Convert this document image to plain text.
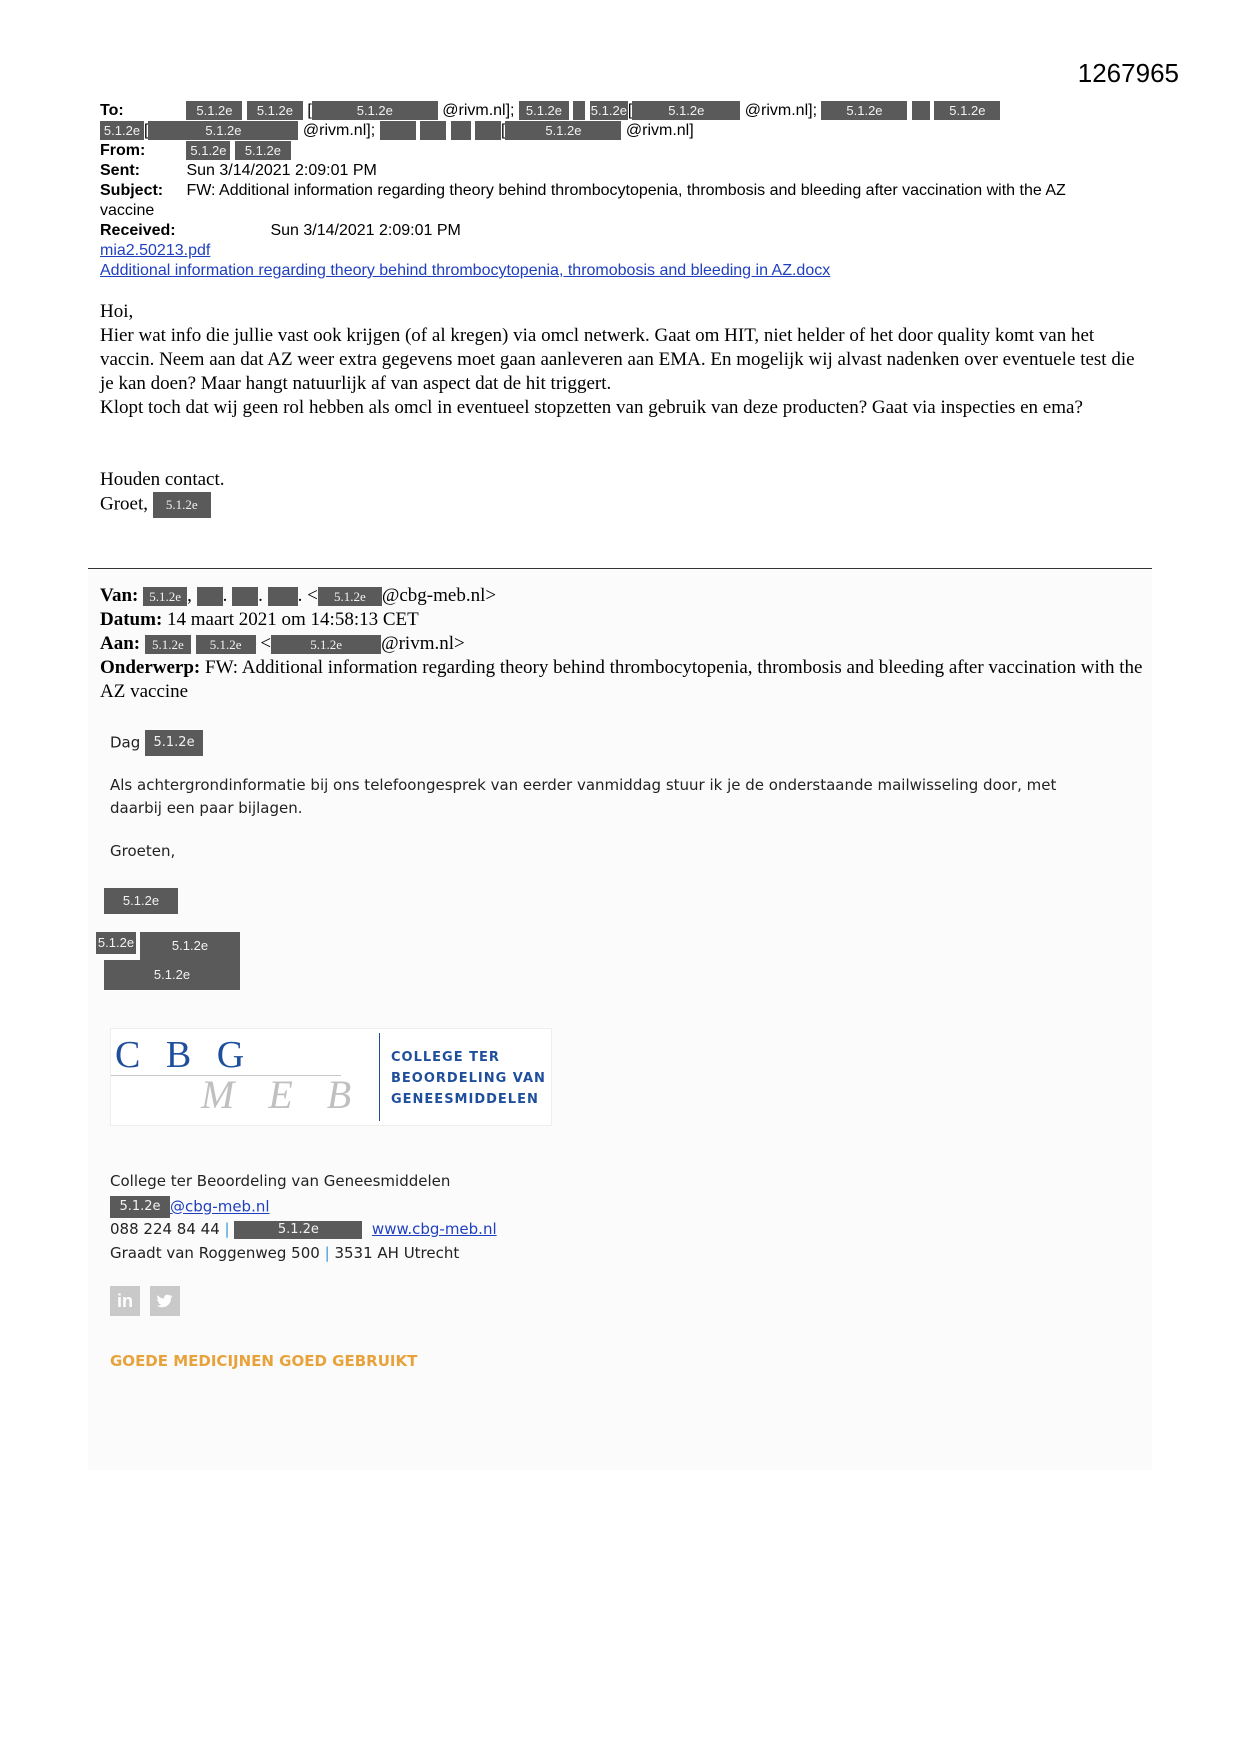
1267965
To:	5.1.2e 5.1.2e [	5.1.2e	@rivm.nl]; 5.1.2e 5.1.2e[	5.1.2e	@rivm.nl]; 5.1.2e	5.1.2e
5.1.2e [	5.1.2e	@rivm.nl];	[	5.1.2e	@rivm.nl]
From:	5.1.2e 5.1.2e
Sent:	Sun 3/14/2021 2:09:01 PM
Subject: FW: Additional information regarding theory behind thrombocytopenia, thrombosis and bleeding after vaccination with the AZ
vaccine
Received:	Sun 3/14/2021 2:09:01 PM
mia2.50213.pdf
Additional information regarding theory behind thrombocytopenia, thromobosis and bleeding in AZ.docx
Hoi,
Hier wat info die jullie vast ook krijgen (of al kregen) via omcl netwerk. Gaat om HIT, niet helder of het door quality komt van het vaccin. Neem aan dat AZ weer extra gegevens moet gaan aanleveren aan EMA. En mogelijk wij alvast nadenken over eventuele test die je kan doen? Maar hangt natuurlijk af van aspect dat de hit triggert.
Klopt toch dat wij geen rol hebben als omcl in eventueel stopzetten van gebruik van deze producten? Gaat via inspecties en ema?
Houden contact.
Groet, 5.1.2e
Van: 5.1.2e , . . . < 5.1.2e @cbg-meb.nl>
Datum: 14 maart 2021 om 14:58:13 CET
Aan: 5.1.2e 5.1.2e <	5.1.2e @rivm.nl>
Onderwerp: FW: Additional information regarding theory behind thrombocytopenia, thrombosis and bleeding after vaccination with the AZ vaccine
Dag 5.1.2e
Als achtergrondinformatie bij ons telefoongesprek van eerder vanmiddag stuur ik je de onderstaande mailwisseling door, met daarbij een paar bijlagen.
Groeten,
5.1.2e
5.1.2e	5.1.2e
5.1.2e
C B G
M E B
COLLEGE TER
BEOORDELING VAN
GENEESMIDDELEN
College ter Beoordeling van Geneesmiddelen
5.1.2e @cbg-meb.nl
088 224 84 44 |	5.1.2e	www.cbg-meb.nl
Graadt van Roggenweg 500 | 3531 AH Utrecht
in
GOEDE MEDICIJNEN GOED GEBRUIKT
